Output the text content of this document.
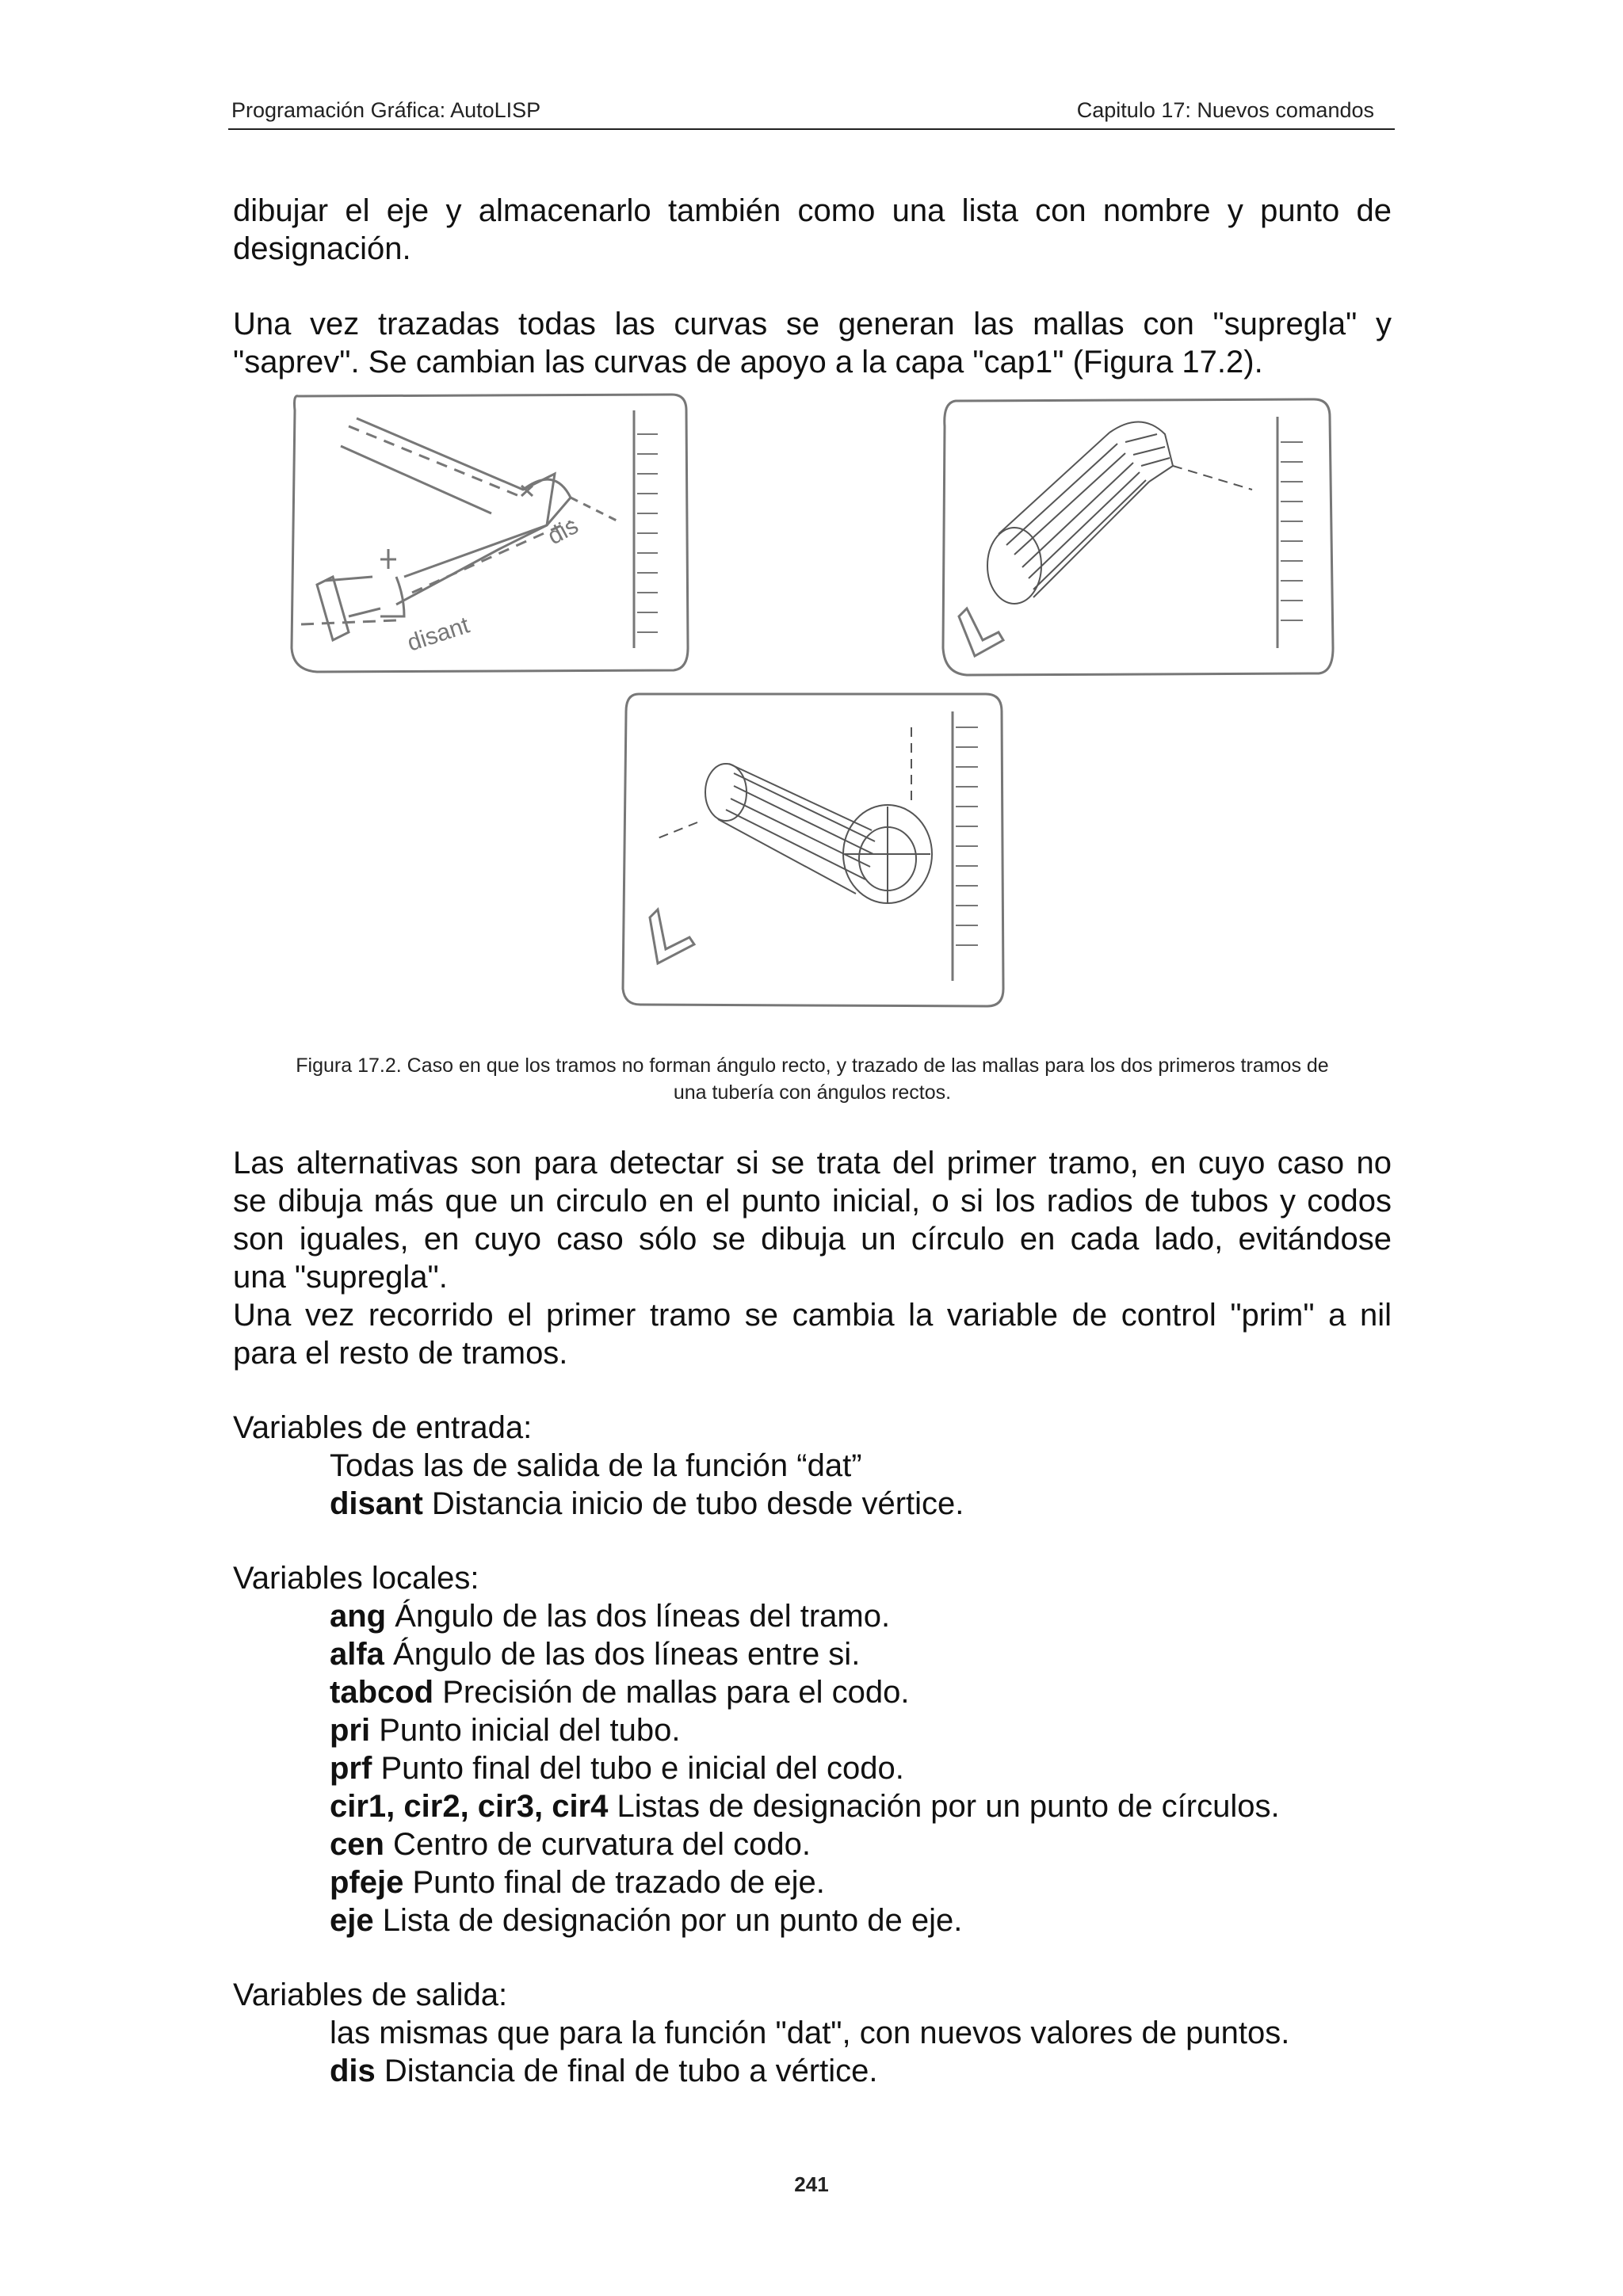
Programación Gráfica: AutoLISP	Capitulo 17: Nuevos comandos
dibujar el eje y almacenarlo también como una lista con nombre y punto de
designación.
Una vez trazadas todas las curvas se generan las mallas con "supregla" y
"saprev". Se cambian las curvas de apoyo a la capa "cap1" (Figura 17.2).
dis
disant
Figura 17.2. Caso en que los tramos no forman ángulo recto, y trazado de las mallas para los dos primeros tramos de
una tubería con ángulos rectos.
Las alternativas son para detectar si se trata del primer tramo, en cuyo caso no
se dibuja más que un circulo en el punto inicial, o si los radios de tubos y codos
son iguales, en cuyo caso sólo se dibuja un círculo en cada lado, evitándose
una "supregla".
Una vez recorrido el primer tramo se cambia la variable de control "prim" a nil
para el resto de tramos.
Variables de entrada:
Todas las de salida de la función “dat”
disant Distancia inicio de tubo desde vértice.
Variables locales:
ang Ángulo de las dos líneas del tramo.
alfa Ángulo de las dos líneas entre si.
tabcod Precisión de mallas para el codo.
pri Punto inicial del tubo.
prf Punto final del tubo e inicial del codo.
cir1, cir2, cir3, cir4 Listas de designación por un punto de círculos.
cen Centro de curvatura del codo.
pfeje Punto final de trazado de eje.
eje Lista de designación por un punto de eje.
Variables de salida:
las mismas que para la función "dat", con nuevos valores de puntos.
dis Distancia de final de tubo a vértice.
241
